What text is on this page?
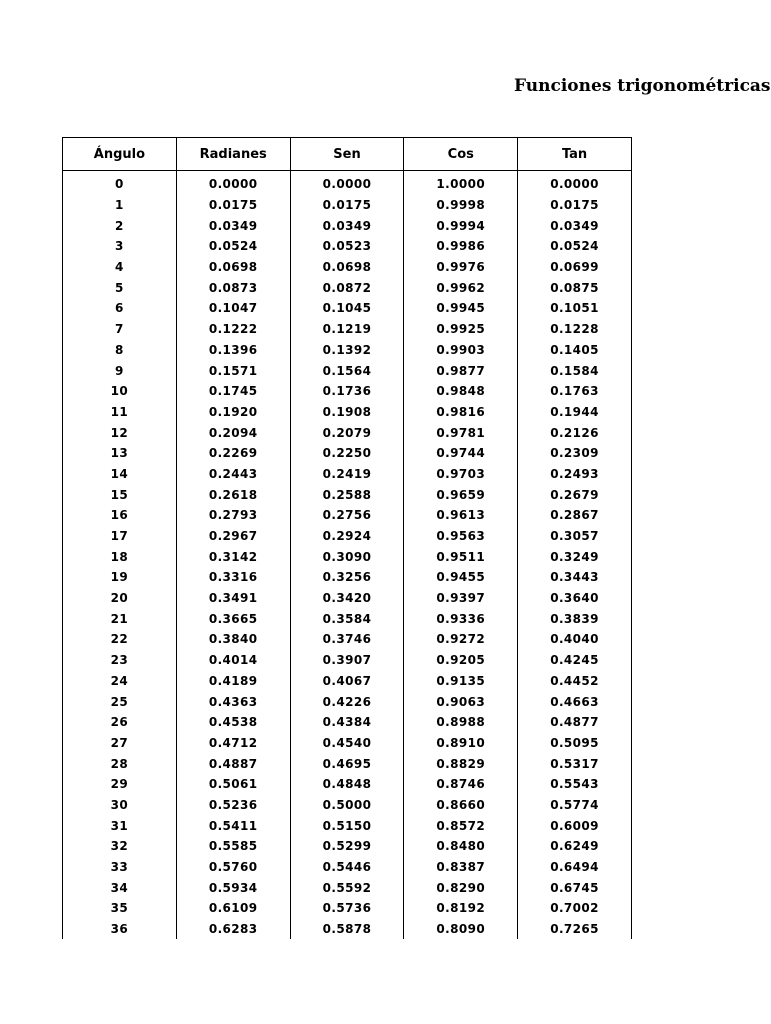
Funciones trigonométricas
Ángulo	Radianes	Sen	Cos	Tan
0	0.0000	0.0000	1.0000	0.0000
1	0.0175	0.0175	0.9998	0.0175
2	0.0349	0.0349	0.9994	0.0349
3	0.0524	0.0523	0.9986	0.0524
4	0.0698	0.0698	0.9976	0.0699
5	0.0873	0.0872	0.9962	0.0875
6	0.1047	0.1045	0.9945	0.1051
7	0.1222	0.1219	0.9925	0.1228
8	0.1396	0.1392	0.9903	0.1405
9	0.1571	0.1564	0.9877	0.1584
10	0.1745	0.1736	0.9848	0.1763
11	0.1920	0.1908	0.9816	0.1944
12	0.2094	0.2079	0.9781	0.2126
13	0.2269	0.2250	0.9744	0.2309
14	0.2443	0.2419	0.9703	0.2493
15	0.2618	0.2588	0.9659	0.2679
16	0.2793	0.2756	0.9613	0.2867
17	0.2967	0.2924	0.9563	0.3057
18	0.3142	0.3090	0.9511	0.3249
19	0.3316	0.3256	0.9455	0.3443
20	0.3491	0.3420	0.9397	0.3640
21	0.3665	0.3584	0.9336	0.3839
22	0.3840	0.3746	0.9272	0.4040
23	0.4014	0.3907	0.9205	0.4245
24	0.4189	0.4067	0.9135	0.4452
25	0.4363	0.4226	0.9063	0.4663
26	0.4538	0.4384	0.8988	0.4877
27	0.4712	0.4540	0.8910	0.5095
28	0.4887	0.4695	0.8829	0.5317
29	0.5061	0.4848	0.8746	0.5543
30	0.5236	0.5000	0.8660	0.5774
31	0.5411	0.5150	0.8572	0.6009
32	0.5585	0.5299	0.8480	0.6249
33	0.5760	0.5446	0.8387	0.6494
34	0.5934	0.5592	0.8290	0.6745
35	0.6109	0.5736	0.8192	0.7002
36	0.6283	0.5878	0.8090	0.7265
